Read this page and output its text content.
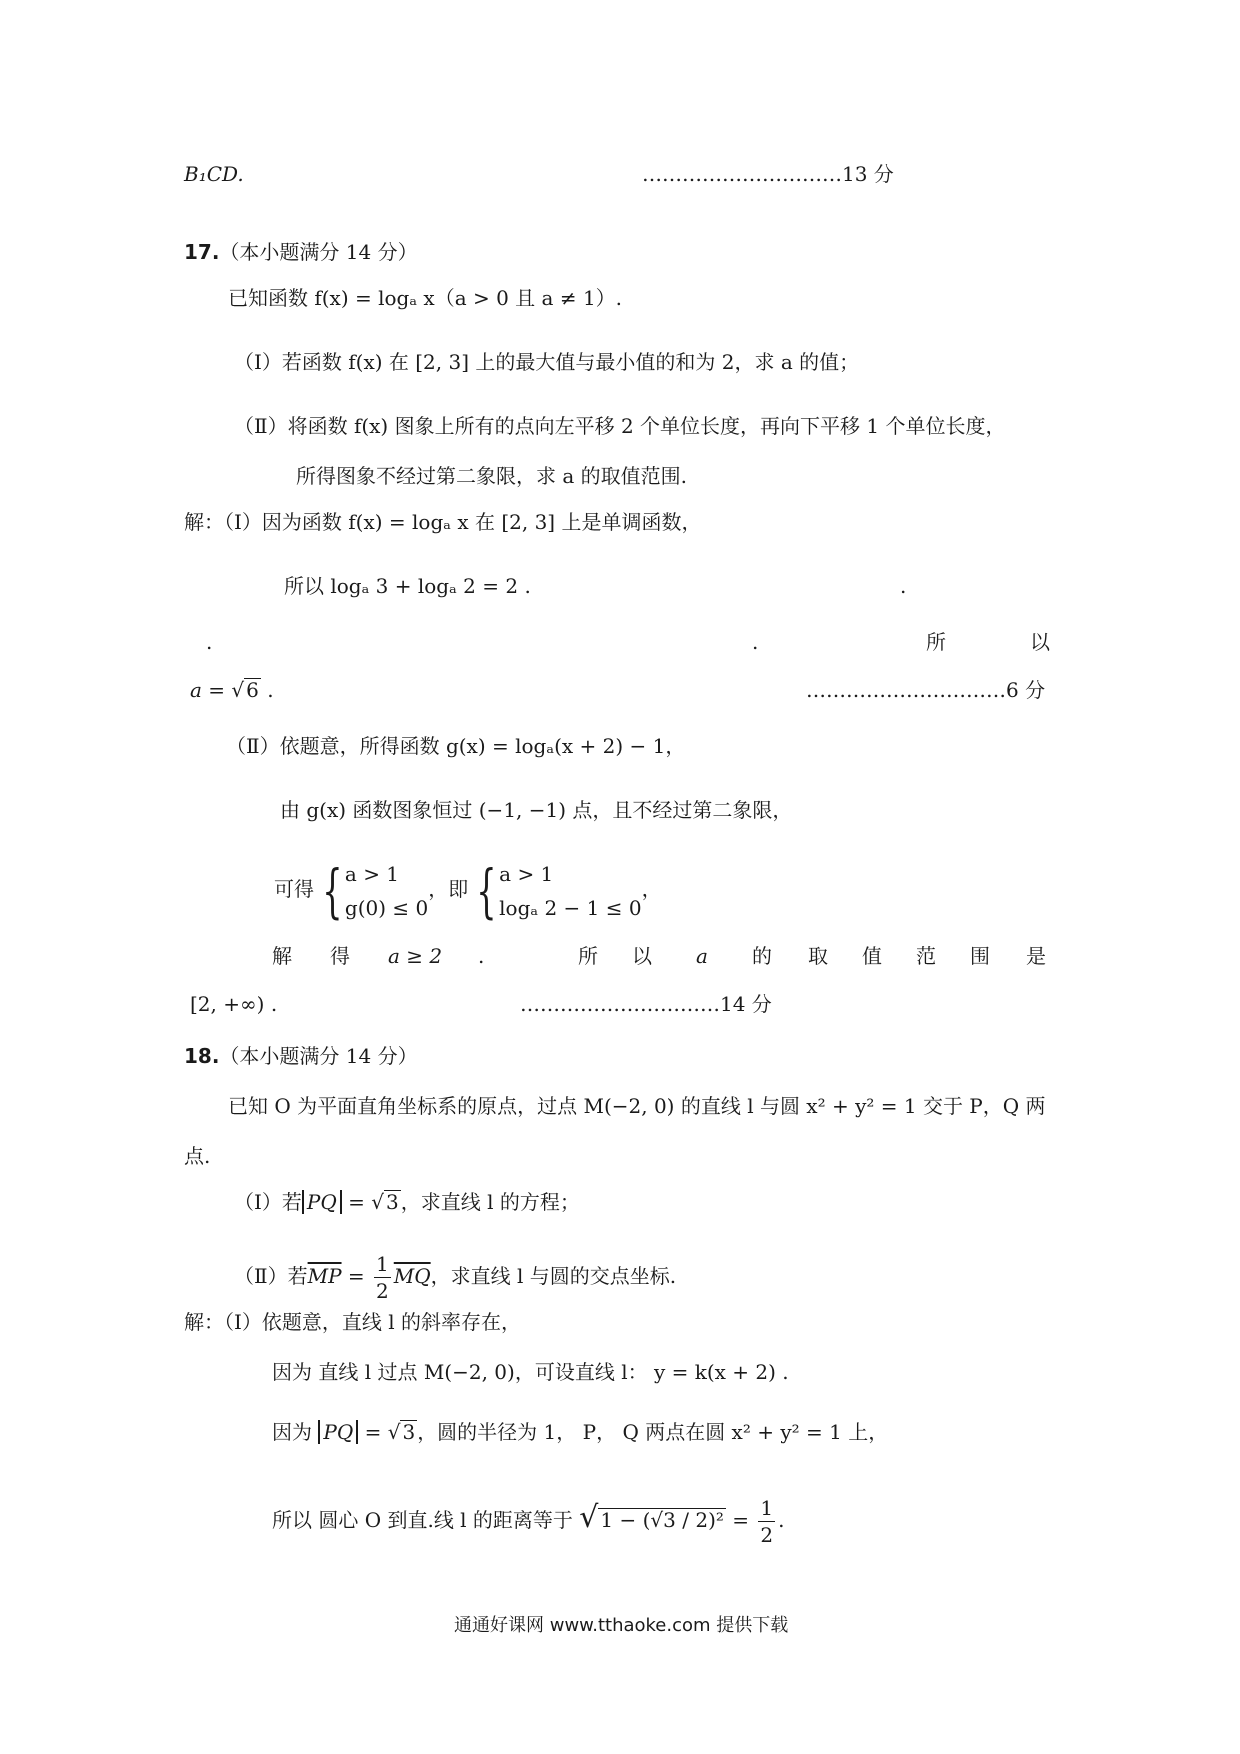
B₁CD.	…………………………13 分
17.（本小题满分 14 分）
已知函数 f(x) = logₐ x（a > 0 且 a ≠ 1）.
（Ⅰ）若函数 f(x) 在 [2, 3] 上的最大值与最小值的和为 2，求 a 的值；
（Ⅱ）将函数 f(x) 图象上所有的点向左平移 2 个单位长度，再向下平移 1 个单位长度，
所得图象不经过第二象限，求 a 的取值范围.
解：（Ⅰ）因为函数 f(x) = logₐ x 在 [2, 3] 上是单调函数，
所以 logₐ 3 + logₐ 2 = 2 .	.
.	.	所	以
a = √ 6 .	…………………………6 分
（Ⅱ）依题意，所得函数 g(x) = logₐ(x + 2) − 1，
由 g(x) 函数图象恒过 (−1, −1) 点，且不经过第二象限，
可得 { a > 1
g(0) ≤ 0
，即 { a > 1
logₐ 2 − 1 ≤ 0
，
解 得 a ≥ 2 .	所 以 a 的 取 值 范 围 是
[2, +∞) .	…………………………14 分
18.（本小题满分 14 分）
已知 O 为平面直角坐标系的原点，过点 M(−2, 0) 的直线 l 与圆 x² + y² = 1 交于 P，Q 两
点.
（Ⅰ）若 PQ = √ 3 ，求直线 l 的方程；
（Ⅱ）若$\overline{MP} = \frac{1}{2} \overline{MQ}$，求直线 l 与圆的交点坐标.
解：（Ⅰ）依题意，直线 l 的斜率存在，
因为 直线 l 过点 M(−2, 0)，可设直线 l： y = k(x + 2) .
因为 PQ = √ 3 ，圆的半径为 1， P， Q 两点在圆 x² + y² = 1 上，
所以 圆心 O 到直.线 l 的距离等于 √ $1 - (√3 / 2)^2 = \frac{1}{2}$ .
通通好课网 www.tthaoke.com 提供下载
